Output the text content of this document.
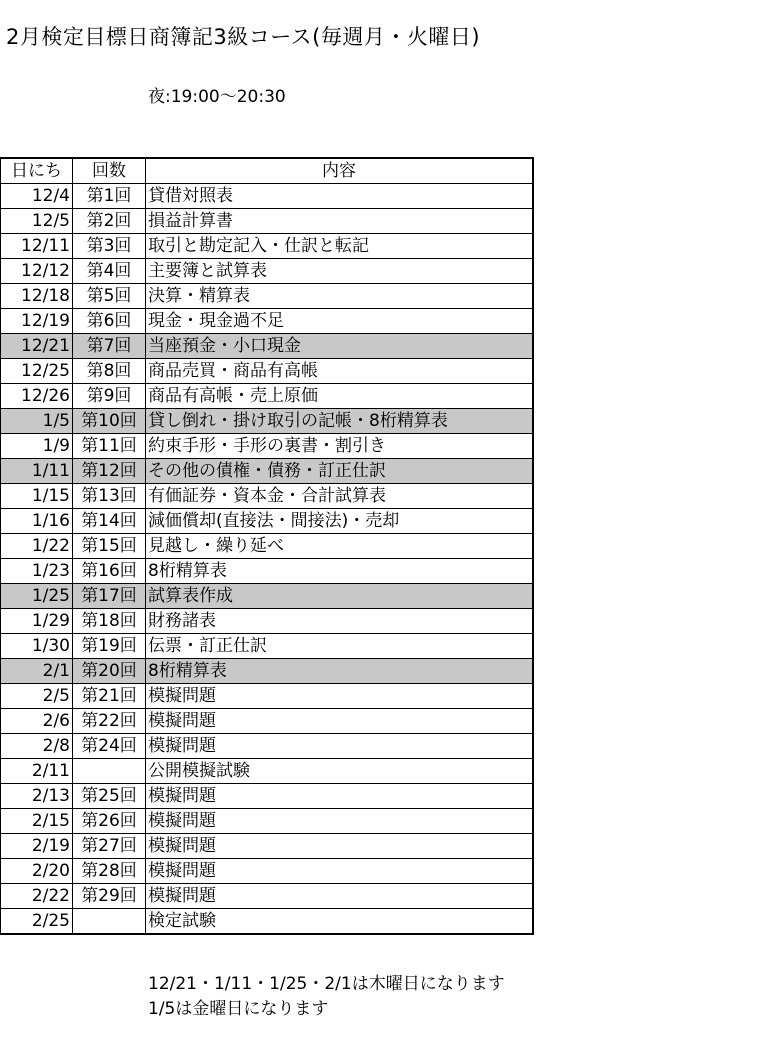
2月検定目標日商簿記3級コース(毎週月・火曜日)
夜:19:00～20:30
日にち	回数	内容
12/4	第1回	貸借対照表
12/5	第2回	損益計算書
12/11	第3回	取引と勘定記入・仕訳と転記
12/12	第4回	主要簿と試算表
12/18	第5回	決算・精算表
12/19	第6回	現金・現金過不足
12/21	第7回	当座預金・小口現金
12/25	第8回	商品売買・商品有高帳
12/26	第9回	商品有高帳・売上原価
1/5	第10回	貸し倒れ・掛け取引の記帳・8桁精算表
1/9	第11回	約束手形・手形の裏書・割引き
1/11	第12回	その他の債権・債務・訂正仕訳
1/15	第13回	有価証券・資本金・合計試算表
1/16	第14回	減価償却(直接法・間接法)・売却
1/22	第15回	見越し・繰り延べ
1/23	第16回	8桁精算表
1/25	第17回	試算表作成
1/29	第18回	財務諸表
1/30	第19回	伝票・訂正仕訳
2/1	第20回	8桁精算表
2/5	第21回	模擬問題
2/6	第22回	模擬問題
2/8	第24回	模擬問題
2/11		公開模擬試験
2/13	第25回	模擬問題
2/15	第26回	模擬問題
2/19	第27回	模擬問題
2/20	第28回	模擬問題
2/22	第29回	模擬問題
2/25		検定試験
12/21・1/11・1/25・2/1は木曜日になります
1/5は金曜日になります
